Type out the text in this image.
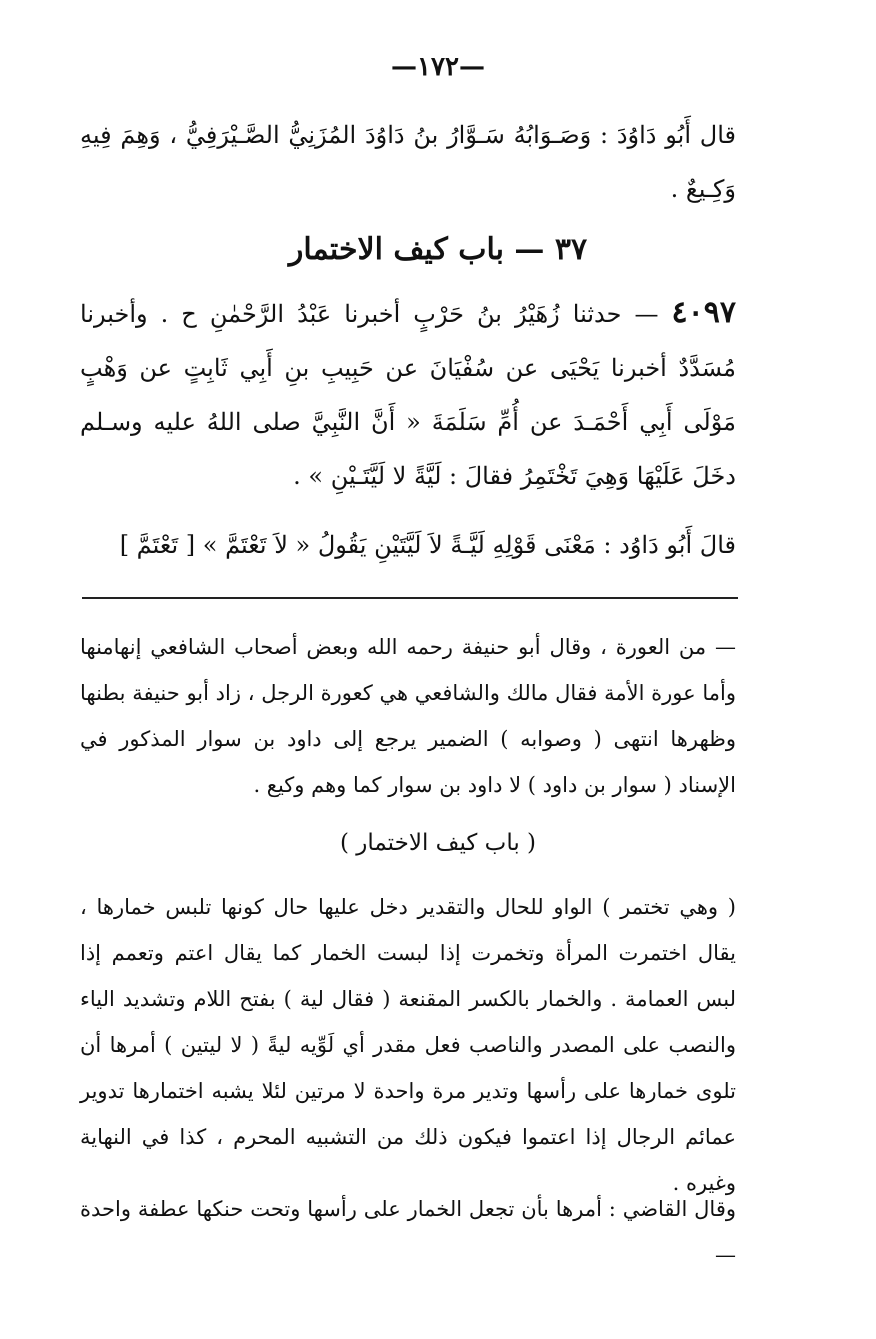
—١٧٢—

قال أَبُو دَاوُدَ : وَصَـوَابُهُ سَـوَّارُ بنُ دَاوُدَ المُزَنِيُّ الصَّـيْرَفِيُّ ، وَهِمَ فِيهِ وَكِـيعٌ .

٣٧ — باب كيف الاختمار

٤٠٩٧ — حدثنا زُهَيْرُ بنُ حَرْبٍ أخبرنا عَبْدُ الرَّحْمٰنِ ح . وأخبرنا مُسَدَّدٌ أخبرنا يَحْيَى عن سُفْيَانَ عن حَبِيبِ بنِ أَبِي ثَابِتٍ عن وَهْبٍ مَوْلَى أَبِي أَحْمَـدَ عن أُمِّ سَلَمَةَ « أَنَّ النَّبِيَّ صلى اللهُ عليه وسـلم دخَلَ عَلَيْهَا وَهِيَ تَخْتَمِرُ فقالَ : لَيَّةً لا لَيَّتَـيْنِ » .

قالَ أَبُو دَاوُد : مَعْنَى قَوْلِهِ لَيَّـةً لاَ لَيَّتَيْنِ يَقُولُ « لاَ تَعْتَمَّ » [ تَعْتَمَّ ]

— من العورة ، وقال أبو حنيفة رحمه الله وبعض أصحاب الشافعي إنهامنها وأما عورة الأمة فقال مالك والشافعي هي كعورة الرجل ، زاد أبو حنيفة بطنها وظهرها انتهى ( وصوابه ) الضمير يرجع إلى داود بن سوار المذكور في الإسناد ( سوار بن داود ) لا داود بن سوار كما وهم وكيع .

( باب كيف الاختمار )

( وهي تختمر ) الواو للحال والتقدير دخل عليها حال كونها تلبس خمارها ، يقال اختمرت المرأة وتخمرت إذا لبست الخمار كما يقال اعتم وتعمم إذا لبس العمامة . والخمار بالكسر المقنعة ( فقال لية ) بفتح اللام وتشديد الياء والنصب على المصدر والناصب فعل مقدر أي لَوِّيه ليةً ( لا ليتين ) أمرها أن تلوى خمارها على رأسها وتدير مرة واحدة لا مرتين لئلا يشبه اختمارها تدوير عمائم الرجال إذا اعتموا فيكون ذلك من التشبيه المحرم ، كذا في النهاية وغيره .

وقال القاضي : أمرها بأن تجعل الخمار على رأسها وتحت حنكها عطفة واحدة —
